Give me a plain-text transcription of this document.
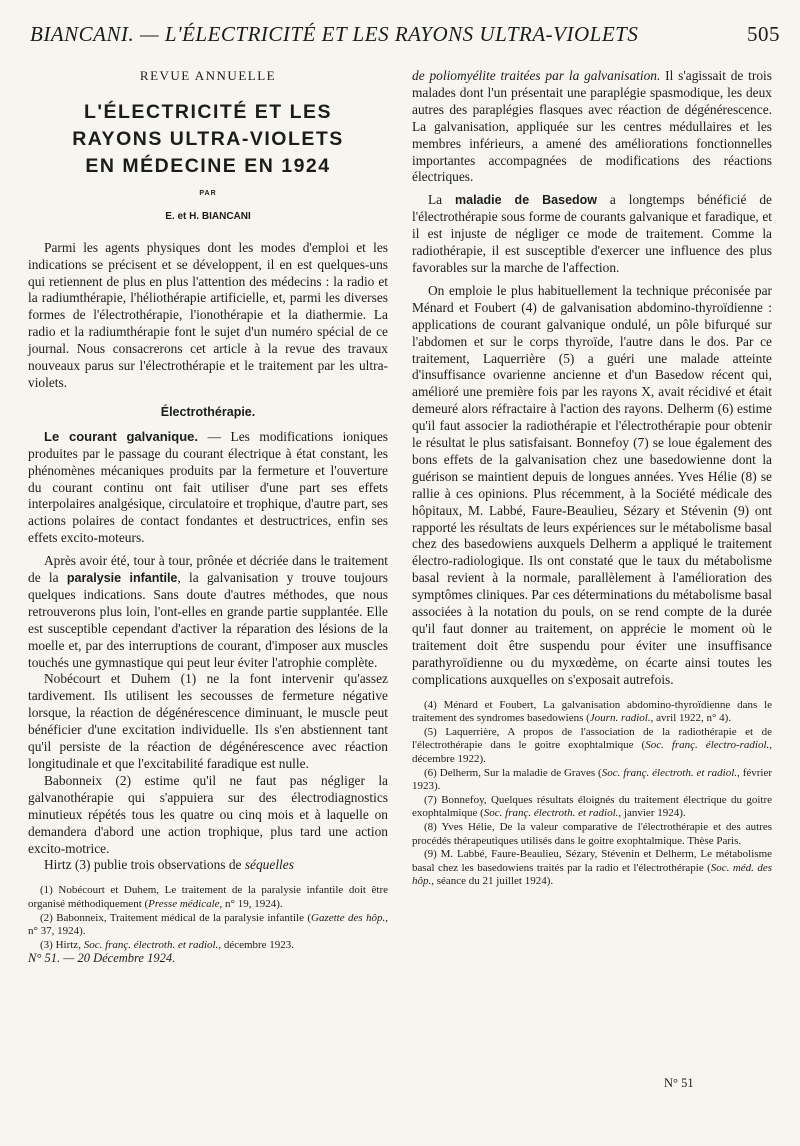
BIANCANI. — L'ÉLECTRICITÉ ET LES RAYONS ULTRA-VIOLETS	505
REVUE ANNUELLE
L'ÉLECTRICITÉ ET LES
RAYONS ULTRA-VIOLETS
EN MÉDECINE EN 1924
PAR
E. et H. BIANCANI

Parmi les agents physiques dont les modes d'emploi et les indications se précisent et se développent, il en est quelques-uns qui retiennent de plus en plus l'attention des médecins : la radio et la radiumthérapie, l'héliothérapie artificielle, et, parmi les diverses formes de l'électrothérapie, l'ionothérapie et la diathermie. La radio et la radiumthérapie font le sujet d'un numéro spécial de ce journal. Nous consacrerons cet article à la revue des travaux nouveaux parus sur l'électrothérapie et le traitement par les ultra-violets.

Électrothérapie.

Le courant galvanique. — Les modifications ioniques produites par le passage du courant électrique à état constant, les phénomènes mécaniques produits par la fermeture et l'ouverture du courant continu ont fait utiliser d'une part ses effets interpolaires analgésique, circulatoire et trophique, d'autre part, ses actions polaires de contact fondantes et destructrices, enfin ses effets excito-moteurs.

Après avoir été, tour à tour, prônée et décriée dans le traitement de la paralysie infantile, la galvanisation y trouve toujours quelques indications. Sans doute d'autres méthodes, que nous retrouverons plus loin, l'ont-elles en grande partie supplantée. Elle est susceptible cependant d'activer la réparation des lésions de la moelle et, par des interruptions de courant, d'imposer aux muscles touchés une gymnastique qui peut leur éviter l'atrophie complète.

Nobécourt et Duhem (1) ne la font intervenir qu'assez tardivement. Ils utilisent les secousses de fermeture négative lorsque, la réaction de dégénérescence diminuant, le muscle peut bénéficier d'une excitation individuelle. Ils s'en abstiennent tant qu'il persiste de la réaction de dégénérescence avec réaction longitudinale et que l'excitabilité faradique est nulle.

Babonneix (2) estime qu'il ne faut pas négliger la galvanothérapie qui s'appuiera sur des électrodiagnostics minutieux répétés tous les quatre ou cinq mois et à laquelle on demandera d'abord une action trophique, plus tard une action excito-motrice.

Hirtz (3) publie trois observations de séquelles

(1) Nobécourt et Duhem, Le traitement de la paralysie infantile doit être organisé méthodiquement (Presse médicale, n° 19, 1924).

(2) Babonneix, Traitement médical de la paralysie infantile (Gazette des hôp., n° 37, 1924).

(3) Hirtz, Soc. franç. électroth. et radiol., décembre 1923.

N° 51. — 20 Décembre 1924.

de poliomyélite traitées par la galvanisation. Il s'agissait de trois malades dont l'un présentait une paraplégie spasmodique, les deux autres des paraplégies flasques avec réaction de dégénérescence. La galvanisation, appliquée sur les centres médullaires et les membres inférieurs, a amené des améliorations fonctionnelles importantes accompagnées de modifications des réactions électriques.

La maladie de Basedow a longtemps bénéficié de l'électrothérapie sous forme de courants galvanique et faradique, et il est injuste de négliger ce mode de traitement. Comme la radiothérapie, il est susceptible d'exercer une influence des plus favorables sur la marche de l'affection.

On emploie le plus habituellement la technique préconisée par Ménard et Foubert (4) de galvanisation abdomino-thyroïdienne : applications de courant galvanique ondulé, un pôle bifurqué sur l'abdomen et sur le corps thyroïde, l'autre dans le dos. Par ce traitement, Laquerrière (5) a guéri une malade atteinte d'insuffisance ovarienne ancienne et d'un Basedow récent qui, amélioré une première fois par les rayons X, avait récidivé et était demeuré alors réfractaire à l'action des rayons. Delherm (6) estime qu'il faut associer la radiothérapie et l'électrothérapie pour obtenir le résultat le plus satisfaisant. Bonnefoy (7) se loue également des bons effets de la galvanisation chez une basedowienne dont la guérison se maintient depuis de longues années. Yves Hélie (8) se rallie à ces opinions. Plus récemment, à la Société médicale des hôpitaux, M. Labbé, Faure-Beaulieu, Sézary et Stévenin (9) ont rapporté les résultats de leurs expériences sur le métabolisme basal chez des basedowiens auxquels Delherm a appliqué le traitement électro-radiologique. Ils ont constaté que le taux du métabolisme basal revient à la normale, parallèlement à l'amélioration des symptômes cliniques. Par ces déterminations du métabolisme basal associées à la notation du pouls, on se rend compte de la durée qu'il faut donner au traitement, on apprécie le moment où le traitement doit être suspendu pour éviter une insuffisance parathyroïdienne ou du myxœdème, on écarte ainsi toutes les complications auxquelles on s'exposait autrefois.

(4) Ménard et Foubert, La galvanisation abdomino-thyroïdienne dans le traitement des syndromes basedowiens (Journ. radiol., avril 1922, n° 4).

(5) Laquerrière, A propos de l'association de la radiothérapie et de l'électrothérapie dans le goitre exophtalmique (Soc. franç. électro-radiol., décembre 1922).

(6) Delherm, Sur la maladie de Graves (Soc. franç. électroth. et radiol., février 1923).

(7) Bonnefoy, Quelques résultats éloignés du traitement électrique du goitre exophtalmique (Soc. franç. électroth. et radiol., janvier 1924).

(8) Yves Hélie, De la valeur comparative de l'électrothérapie et des autres procédés thérapeutiques utilisés dans le goitre exophtalmique. Thèse Paris.

(9) M. Labbé, Faure-Beaulieu, Sézary, Stévenin et Delherm, Le métabolisme basal chez les basedowiens traités par la radio et l'électrothérapie (Soc. méd. des hôp., séance du 21 juillet 1924).

N° 51
